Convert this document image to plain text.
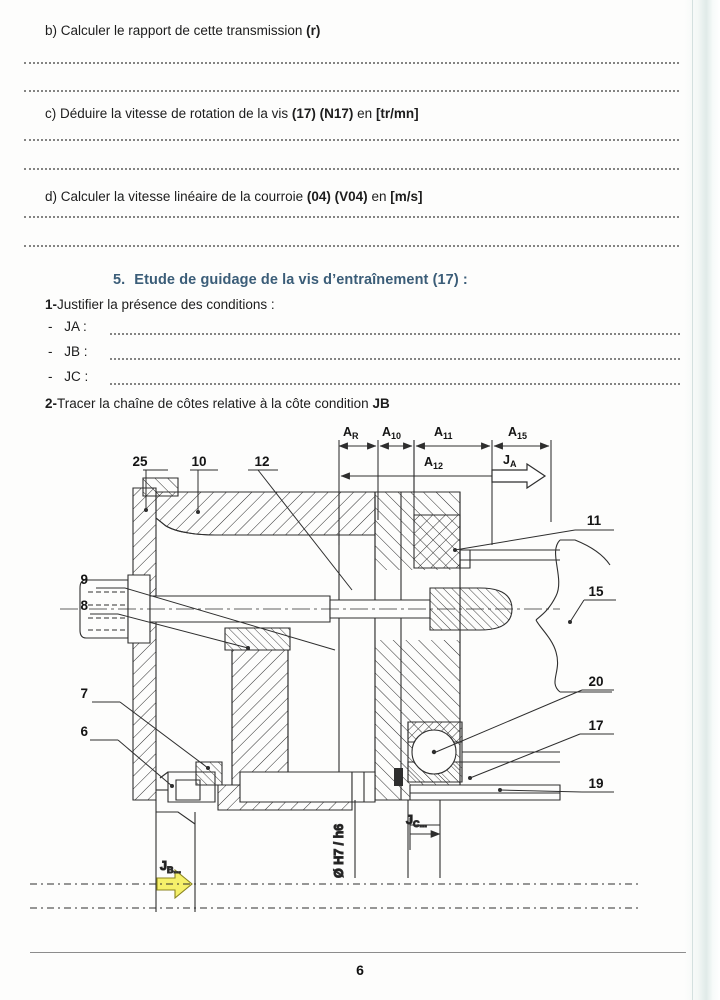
b) Calculer le rapport de cette transmission (r)
c) Déduire la vitesse de rotation de la vis (17) (N17) en [tr/mn]
d) Calculer la vitesse linéaire de la courroie (04) (V04) en [m/s]
5. Etude de guidage de la vis d’entraînement (17) :
1-Justifier la présence des conditions :
- JA :
- JB :
- JC :
2-Tracer la chaîne de côtes relative à la côte condition JB
$A_R$ $A_{10}$	$A_{11}$	$A_{15}$
$A_{12}$	$J_A$
25	10	12
9
8
7
6
11
15
20
17
19
Ø H7 / h6
$J_{C...}$
$J_{B...}$
6
